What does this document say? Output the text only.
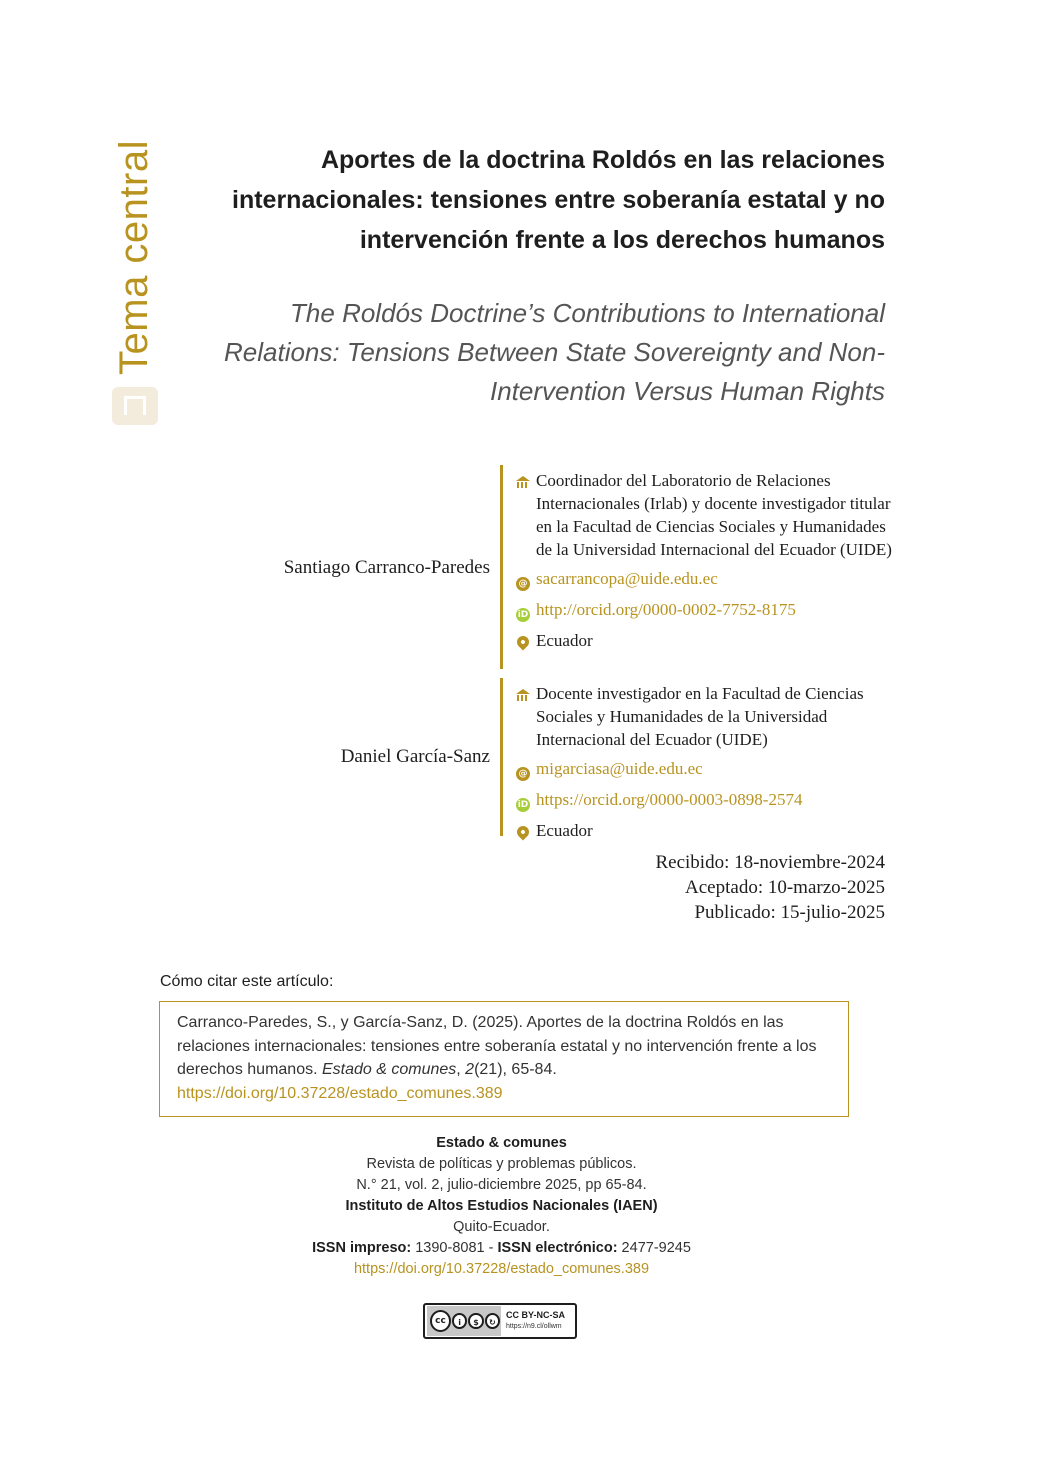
Tema central	Aportes de la doctrina Roldós en las relaciones internacionales: tensiones entre soberanía estatal y no intervención frente a los derechos humanos
The Roldós Doctrine’s Contributions to International Relations: Tensions Between State Sovereignty and Non-Intervention Versus Human Rights
Santiago Carranco-Paredes
Coordinador del Laboratorio de Relaciones Internacionales (Irlab) y docente investigador titular en la Facultad de Ciencias Sociales y Humanidades de la Universidad Internacional del Ecuador (UIDE)
@ sacarrancopa@uide.edu.ec
iD http://orcid.org/0000-0002-7752-8175
Ecuador
Daniel García-Sanz
Docente investigador en la Facultad de Ciencias Sociales y Humanidades de la Universidad Internacional del Ecuador (UIDE)
@ migarciasa@uide.edu.ec
iD https://orcid.org/0000-0003-0898-2574
Ecuador
Recibido: 18-noviembre-2024
Aceptado: 10-marzo-2025
Publicado: 15-julio-2025
Cómo citar este artículo:
Carranco-Paredes, S., y García-Sanz, D. (2025). Aportes de la doctrina Roldós en las relaciones internacionales: tensiones entre soberanía estatal y no intervención frente a los derechos humanos. Estado & comunes, 2(21), 65-84.
https://doi.org/10.37228/estado_comunes.389
Estado & comunes
Revista de políticas y problemas públicos.
N.° 21, vol. 2, julio-diciembre 2025, pp 65-84.
Instituto de Altos Estudios Nacionales (IAEN)
Quito-Ecuador.
ISSN impreso: 1390-8081 - ISSN electrónico: 2477-9245
https://doi.org/10.37228/estado_comunes.389
cc	i	$	↻
CC BY-NC-SA
https://n9.cl/ollwm
